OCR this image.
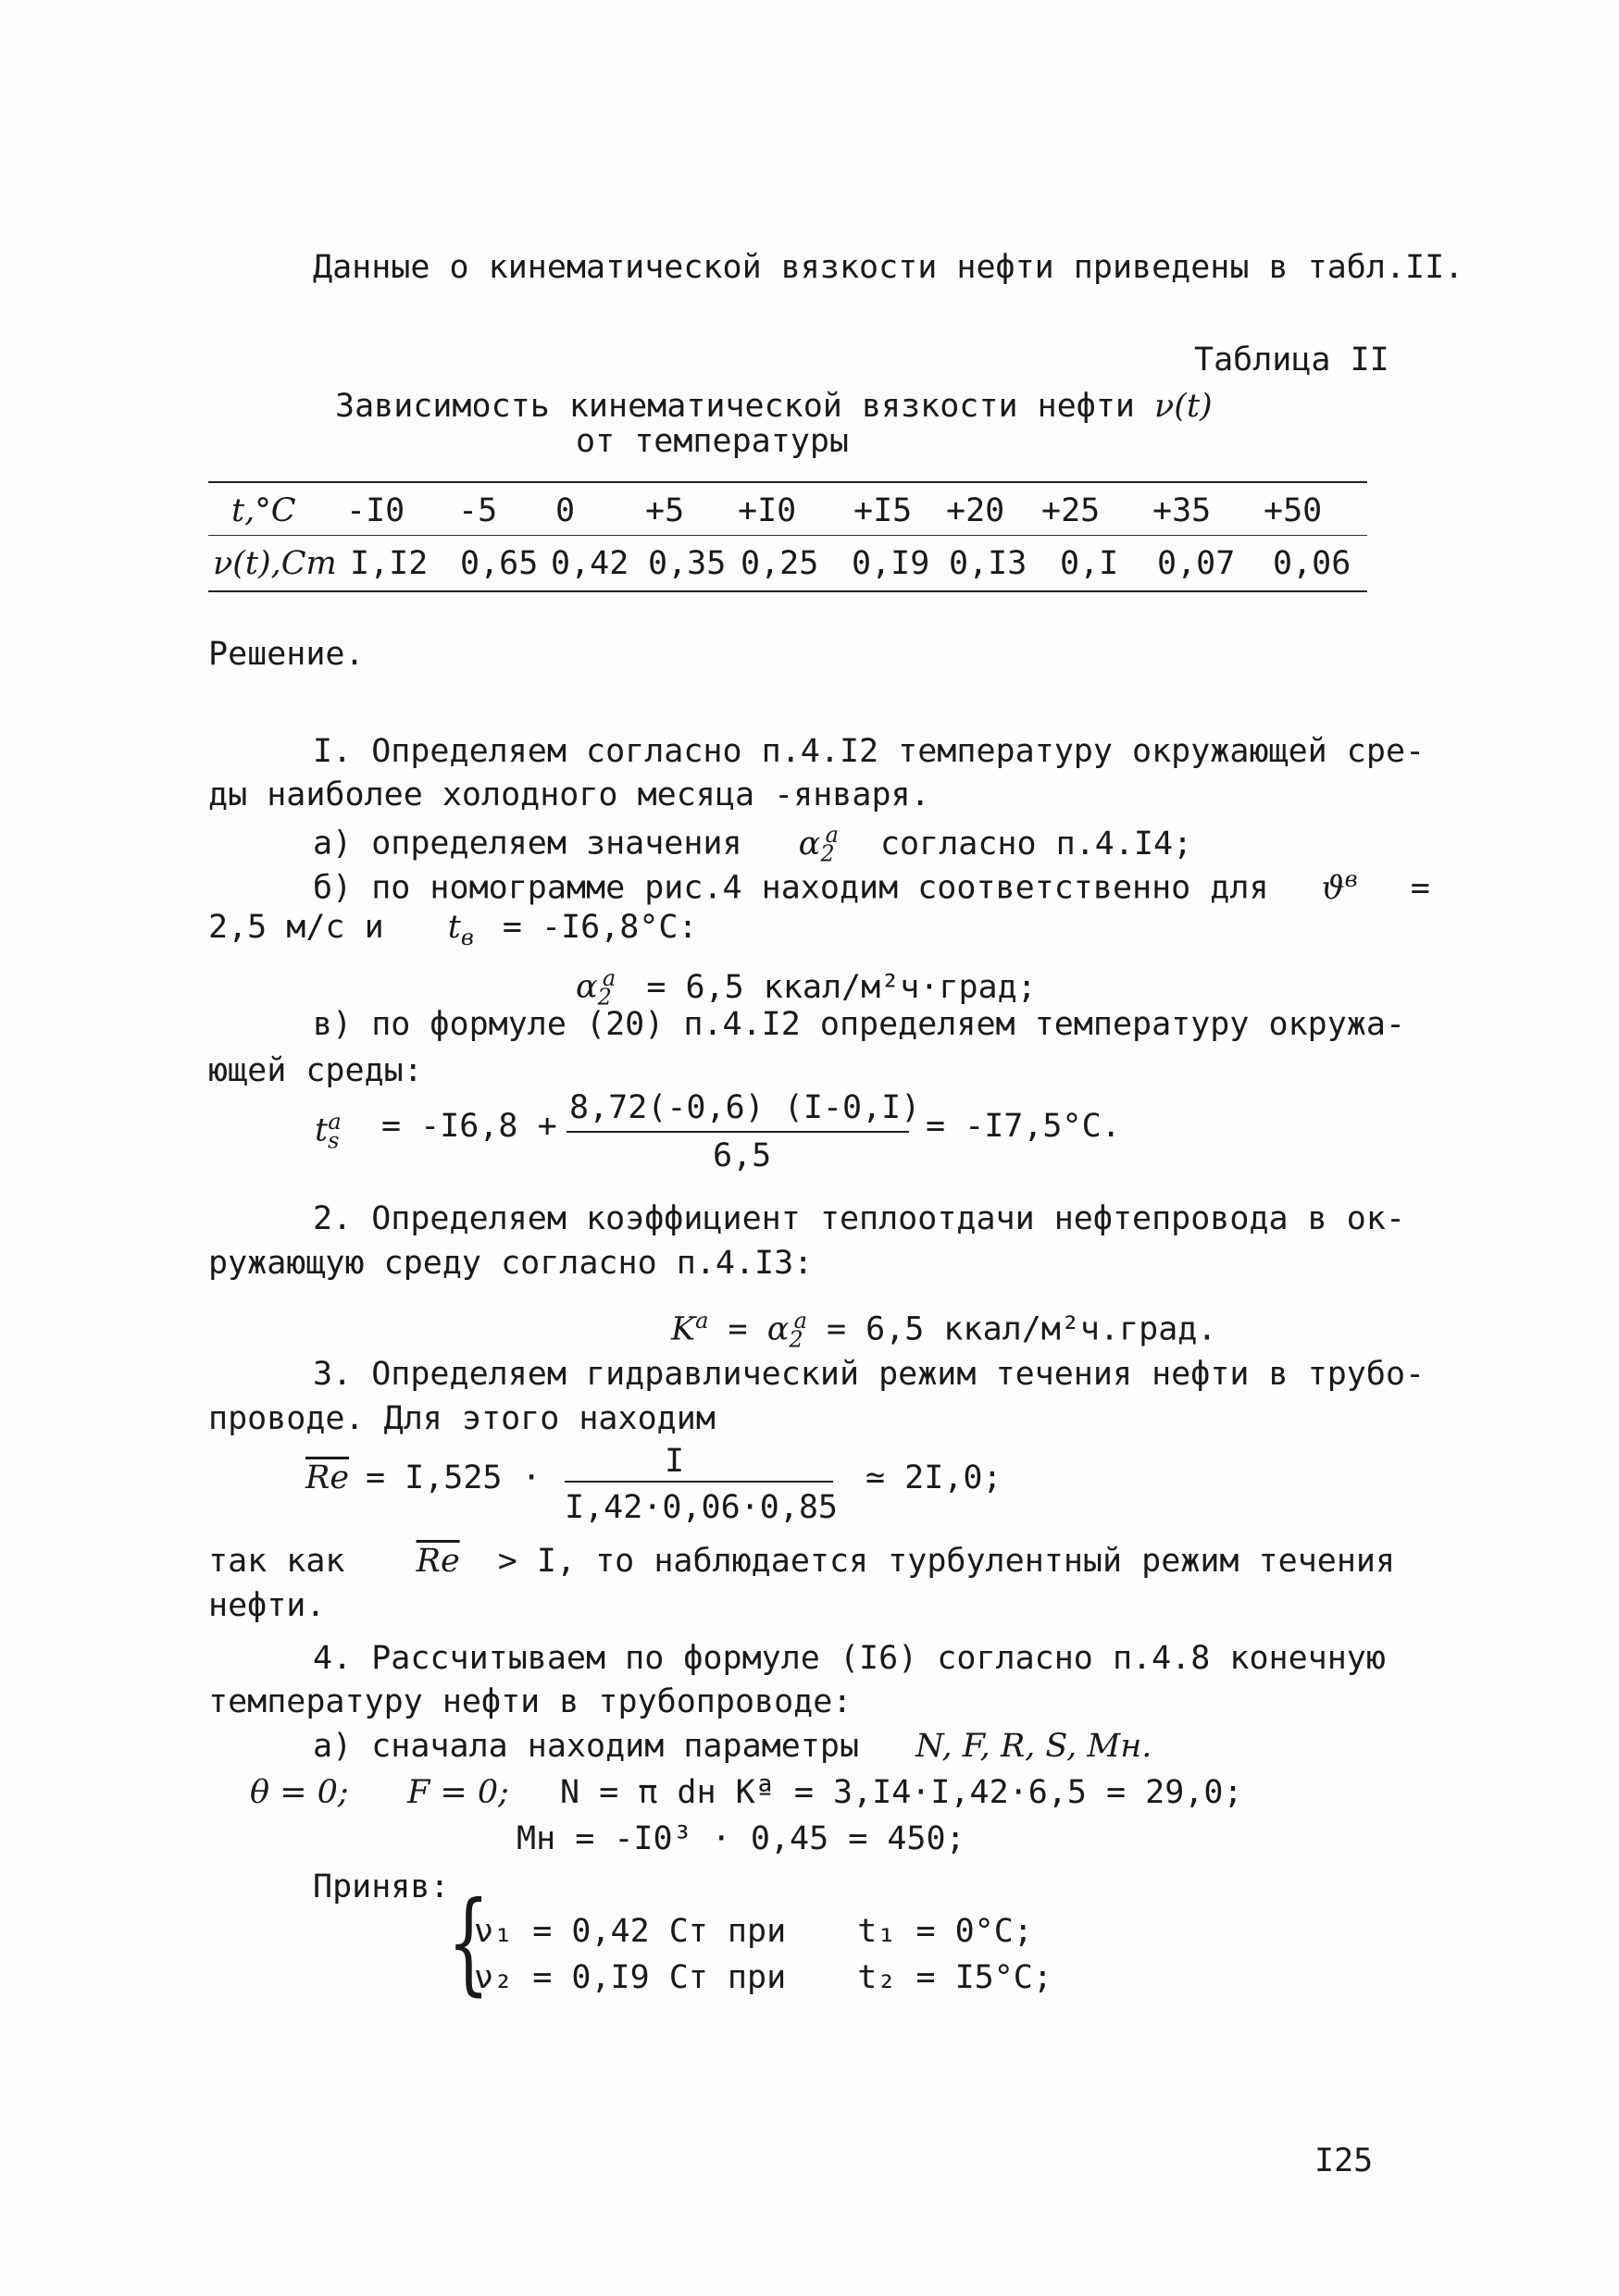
Данные о кинематической вязкости нефти приведены в табл.II.
Таблица II
Зависимость кинематической вязкости нефти ν(t)
от температуры
t,°C -I0 -5 0 +5 +I0 +I5 +20 +25 +35 +50
ν(t),Ст I,I2 0,65 0,42 0,35 0,25 0,I9 0,I3 0,I 0,07 0,06
Решение.
I. Определяем согласно п.4.I2 температуру окружающей сре-
ды наиболее холодного месяца -января.
а) определяем значения $\alpha_2^a$ согласно п.4.I4;
б) по номограмме рис.4 находим соответственно для $ϑ^в$ =
2,5 м/с и $t_в = -I6,8^\circ C$:
$\alpha_2^a = 6,5$ ккал/м²ч·град;
в) по формуле (20) п.4.I2 определяем температуру окружа-
ющей среды:
$t_s^a = -I6,8 + 8,72(-0,6)$ (I-0,I)
6,5
= -I7,5°C.
2. Определяем коэффициент теплоотдачи нефтепровода в ок-
ружающую среду согласно п.4.I3:
$K^a = \alpha_2^a = 6,5$ ккал/м²ч.град.
3. Определяем гидравлический режим течения нефти в трубо-
проводе. Для этого находим
$\overline{Re} = I,525$ ·	I
I,42·0,06·0,85
≃ 2I,0;
так как $\overline{Re} > I$, то наблюдается турбулентный режим течения
нефти.
4. Рассчитываем по формуле (I6) согласно п.4.8 конечную
температуру нефти в трубопроводе:
а) сначала находим параметры N, F, R, S, Mн.
θ = 0; F = 0; N = π dн Kª = 3,I4·I,42·6,5 = 29,0;
Mн = -I0³ · 0,45 = 450;
Приняв:
{
ν₁ = 0,42 Ст при t₁ = 0°C;
ν₂ = 0,I9 Ст при t₂ = I5°C;
I25
